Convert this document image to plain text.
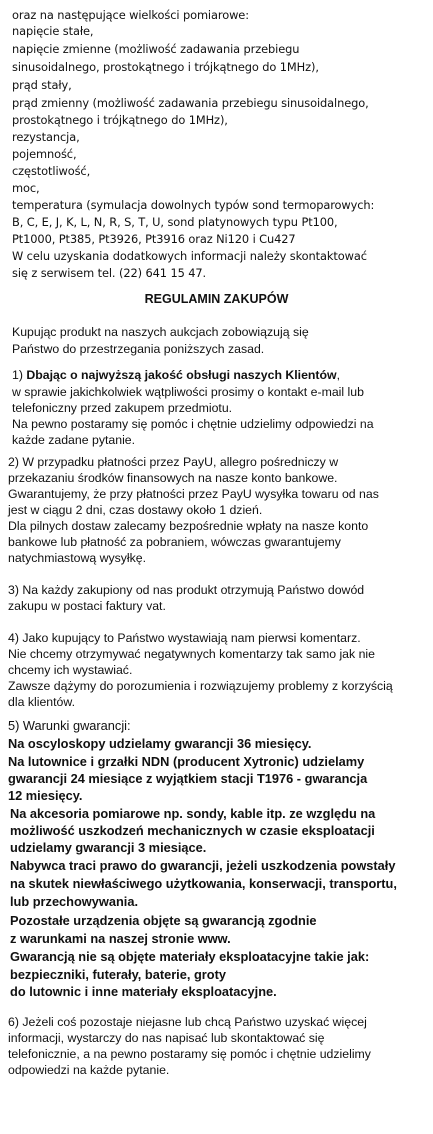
oraz na następujące wielkości pomiarowe:
napięcie stałe,
napięcie zmienne (możliwość zadawania przebiegu
sinusoidalnego, prostokątnego i trójkątnego do 1MHz),
prąd stały,
prąd zmienny (możliwość zadawania przebiegu sinusoidalnego,
prostokątnego i trójkątnego do 1MHz),
rezystancja,
pojemność,
częstotliwość,
moc,
temperatura (symulacja dowolnych typów sond termoparowych:
B, C, E, J, K, L, N, R, S, T, U, sond platynowych typu Pt100,
Pt1000, Pt385, Pt3926, Pt3916 oraz Ni120 i Cu427
W celu uzyskania dodatkowych informacji należy skontaktować
się z serwisem tel. (22) 641 15 47.
REGULAMIN ZAKUPÓW
Kupując produkt na naszych aukcjach zobowiązują się
Państwo do przestrzegania poniższych zasad.
1) Dbając o najwyższą jakość obsługi naszych Klientów,
w sprawie jakichkolwiek wątpliwości prosimy o kontakt e-mail lub
telefoniczny przed zakupem przedmiotu.
Na pewno postaramy się pomóc i chętnie udzielimy odpowiedzi na
każde zadane pytanie.
2) W przypadku płatności przez PayU, allegro pośredniczy w
przekazaniu środków finansowych na nasze konto bankowe.
Gwarantujemy, że przy płatności przez PayU wysyłka towaru od nas
jest w ciągu 2 dni, czas dostawy około 1 dzień.
Dla pilnych dostaw zalecamy bezpośrednie wpłaty na nasze konto
bankowe lub płatność za pobraniem, wówczas gwarantujemy
natychmiastową wysyłkę.
3) Na każdy zakupiony od nas produkt otrzymują Państwo dowód
zakupu w postaci faktury vat.
4) Jako kupujący to Państwo wystawiają nam pierwsi komentarz.
Nie chcemy otrzymywać negatywnych komentarzy tak samo jak nie
chcemy ich wystawiać.
Zawsze dążymy do porozumienia i rozwiązujemy problemy z korzyścią
dla klientów.
5) Warunki gwarancji:
Na oscyloskopy udzielamy gwarancji 36 miesięcy.
Na lutownice i grzałki NDN (producent Xytronic) udzielamy
gwarancji 24 miesiące z wyjątkiem stacji T1976 - gwarancja
12 miesięcy.
Na akcesoria pomiarowe np. sondy, kable itp. ze względu na
możliwość uszkodzeń mechanicznych w czasie eksploatacji
udzielamy gwarancji 3 miesiące.
Nabywca traci prawo do gwarancji, jeżeli uszkodzenia powstały
na skutek niewłaściwego użytkowania, konserwacji, transportu,
lub przechowywania.
Pozostałe urządzenia objęte są gwarancją zgodnie
z warunkami na naszej stronie www.
Gwarancją nie są objęte materiały eksploatacyjne takie jak:
bezpieczniki, futerały, baterie, groty
do lutownic i inne materiały eksploatacyjne.
6) Jeżeli coś pozostaje niejasne lub chcą Państwo uzyskać więcej
informacji, wystarczy do nas napisać lub skontaktować się
telefonicznie, a na pewno postaramy się pomóc i chętnie udzielimy
odpowiedzi na każde pytanie.
